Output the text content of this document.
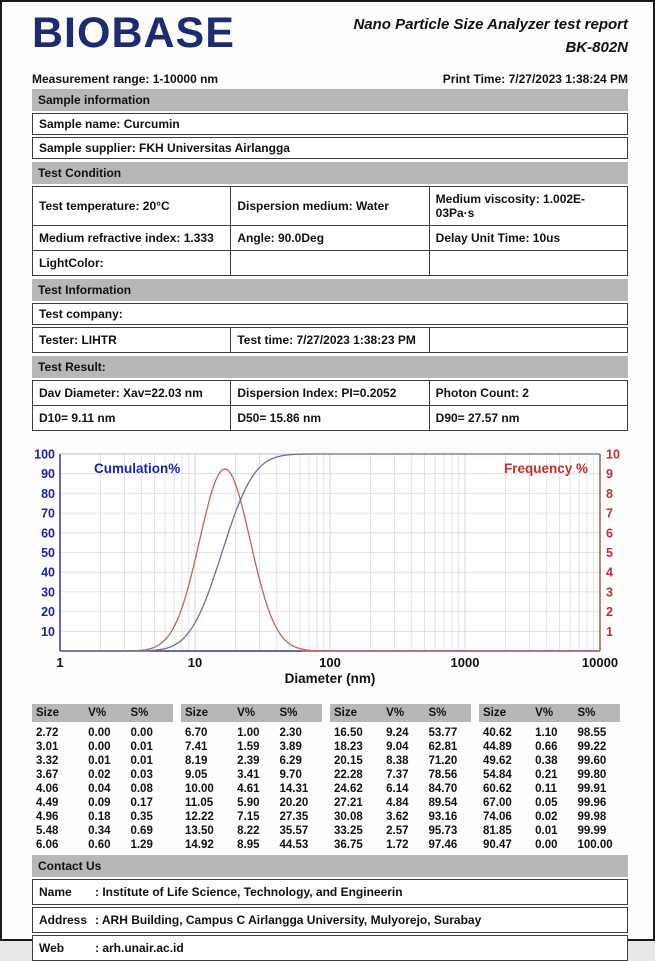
BIOBASE	Nano Particle Size Analyzer test report
BK-802N
Measurement range: 1-10000 nm	Print Time: 7/27/2023 1:38:24 PM
Sample information
Sample name: Curcumin
Sample supplier: FKH Universitas Airlangga
Test Condition
Test temperature: 20°C	Dispersion medium: Water	Medium viscosity: 1.002E-03Pa·s
Medium refractive index: 1.333	Angle: 90.0Deg	Delay Unit Time: 10us
LightColor:		
Test Information
Test company:
Tester: LIHTR	Test time: 7/27/2023 1:38:23 PM	
Test Result:
Dav Diameter: Xav=22.03 nm	Dispersion Index: PI=0.2052	Photon Count: 2
D10= 9.11 nm	D50= 15.86 nm	D90= 27.57 nm
10
20
30
40
50
60
70
80
90
100
1
2
3
4
5
6
7
8
9
10
1	10	100	1000	10000
Diameter (nm)
Cumulation%	Frequency %
Size	V%	S%

2.72	0.00	0.00
3.01	0.00	0.01
3.32	0.01	0.01
3.67	0.02	0.03
4.06	0.04	0.08
4.49	0.09	0.17
4.96	0.18	0.35
5.48	0.34	0.69
6.06	0.60	1.29
Size	V%	S%

6.70	1.00	2.30
7.41	1.59	3.89
8.19	2.39	6.29
9.05	3.41	9.70
10.00	4.61	14.31
11.05	5.90	20.20
12.22	7.15	27.35
13.50	8.22	35.57
14.92	8.95	44.53
Size	V%	S%

16.50	9.24	53.77
18.23	9.04	62.81
20.15	8.38	71.20
22.28	7.37	78.56
24.62	6.14	84.70
27.21	4.84	89.54
30.08	3.62	93.16
33.25	2.57	95.73
36.75	1.72	97.46
Size	V%	S%

40.62	1.10	98.55
44.89	0.66	99.22
49.62	0.38	99.60
54.84	0.21	99.80
60.62	0.11	99.91
67.00	0.05	99.96
74.06	0.02	99.98
81.85	0.01	99.99
90.47	0.00	100.00
Contact Us
Name	: Institute of Life Science, Technology, and Engineerin
Address : ARH Building, Campus C Airlangga University, Mulyorejo, Surabay
Web	: arh.unair.ac.id
